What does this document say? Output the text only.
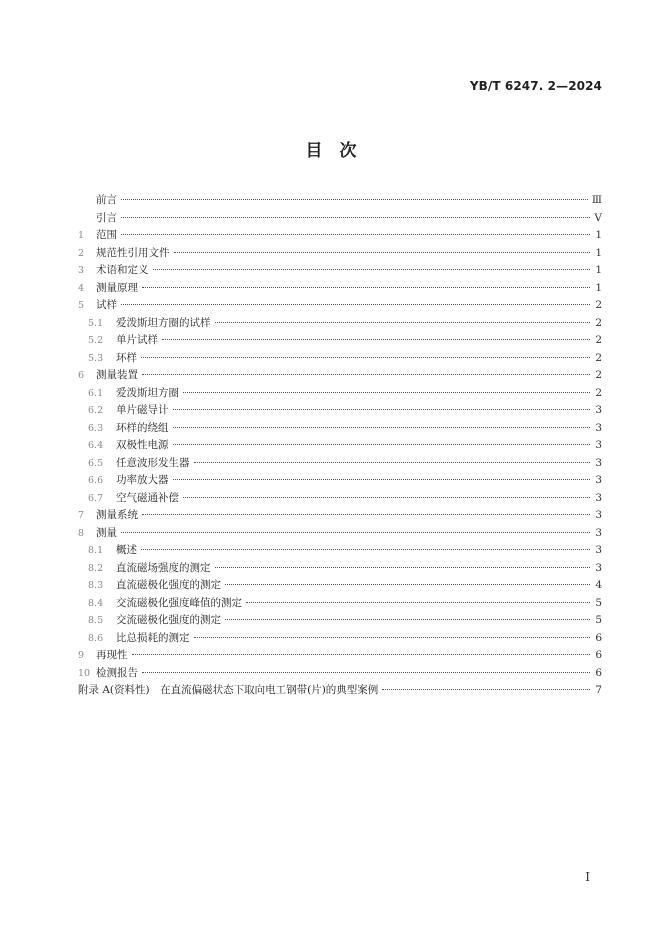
YB/T 6247. 2—2024
目　次
前言	Ⅲ
引言	Ⅴ
1	范围	1
2	规范性引用文件	1
3	术语和定义	1
4	测量原理	1
5	试样	2
5.1	爱泼斯坦方圈的试样	2
5.2	单片试样	2
5.3	环样	2
6	测量装置	2
6.1	爱泼斯坦方圈	2
6.2	单片磁导计	3
6.3	环样的绕组	3
6.4	双极性电源	3
6.5	任意波形发生器	3
6.6	功率放大器	3
6.7	空气磁通补偿	3
7	测量系统	3
8	测量	3
8.1	概述	3
8.2	直流磁场强度的测定	3
8.3	直流磁极化强度的测定	4
8.4	交流磁极化强度峰值的测定	5
8.5	交流磁极化强度的测定	5
8.6	比总损耗的测定	6
9	再现性	6
10 检测报告	6
附录 A(资料性)　在直流偏磁状态下取向电工钢带(片)的典型案例	7
I
